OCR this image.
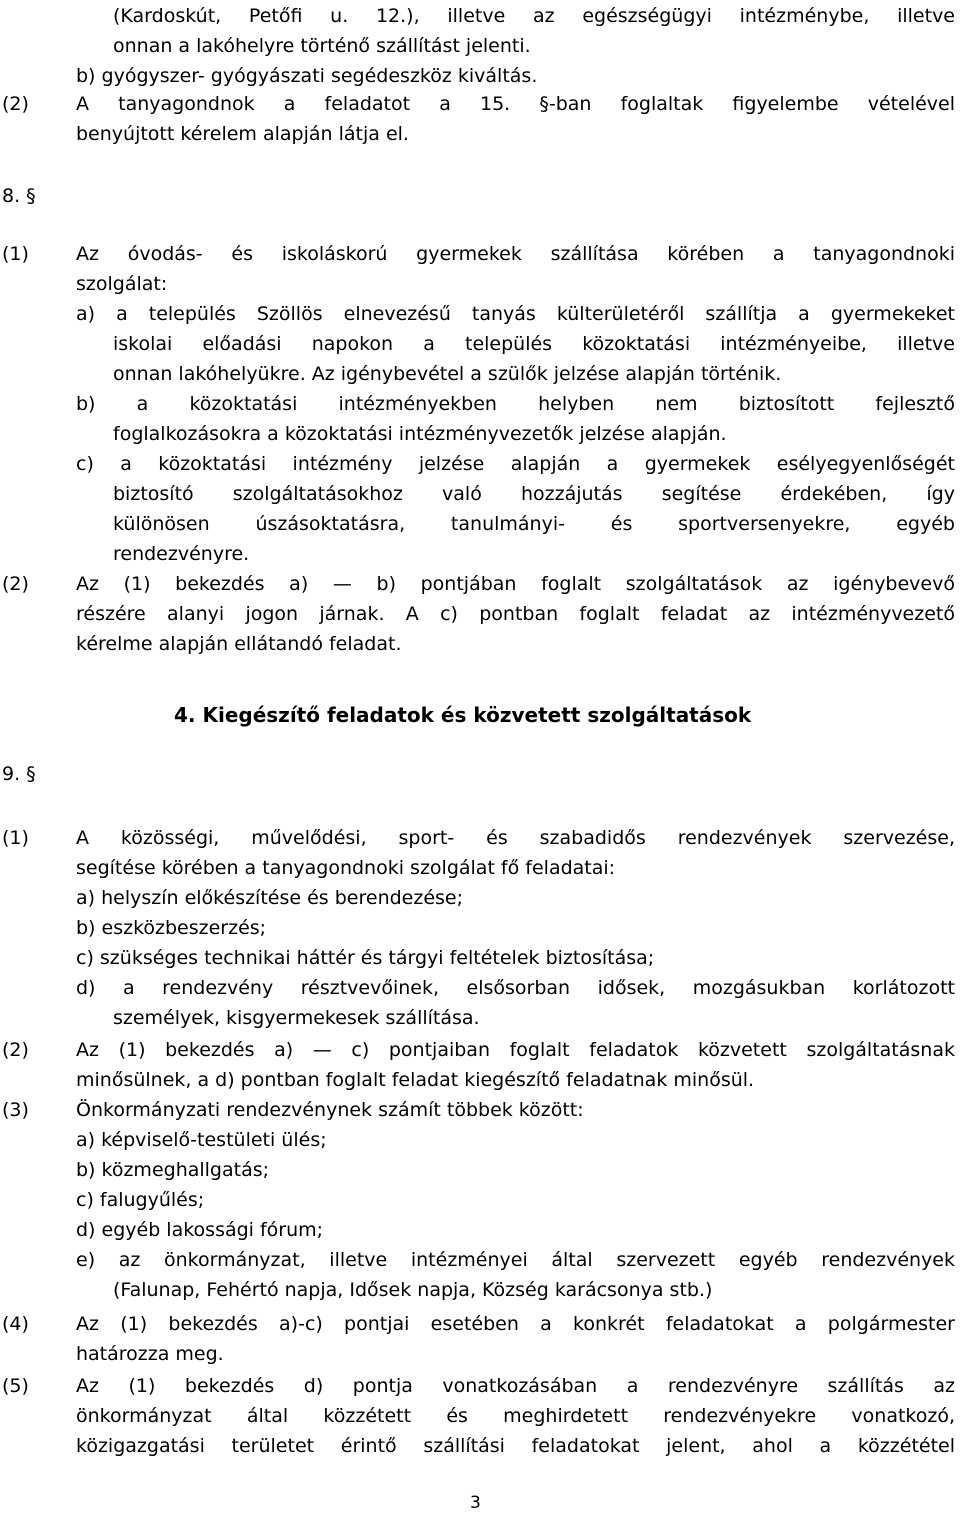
(Kardoskút, Petőfi u. 12.), illetve az egészségügyi intézménybe, illetve
onnan a lakóhelyre történő szállítást jelenti.
b) gyógyszer- gyógyászati segédeszköz kiváltás.
(2) A tanyagondnok a feladatot a 15. §-ban foglaltak figyelembe vételével
benyújtott kérelem alapján látja el.
8. §
(1) Az óvodás- és iskoláskorú gyermekek szállítása körében a tanyagondnoki
szolgálat:
a) a település Szöllös elnevezésű tanyás külterületéről szállítja a gyermekeket
iskolai előadási napokon a település közoktatási intézményeibe, illetve
onnan lakóhelyükre. Az igénybevétel a szülők jelzése alapján történik.
b) a közoktatási intézményekben helyben nem biztosított fejlesztő
foglalkozásokra a közoktatási intézményvezetők jelzése alapján.
c) a közoktatási intézmény jelzése alapján a gyermekek esélyegyenlőségét
biztosító szolgáltatásokhoz való hozzájutás segítése érdekében, így
különösen úszásoktatásra, tanulmányi- és sportversenyekre, egyéb
rendezvényre.
(2) Az (1) bekezdés a) — b) pontjában foglalt szolgáltatások az igénybevevő
részére alanyi jogon járnak. A c) pontban foglalt feladat az intézményvezető
kérelme alapján ellátandó feladat.
4. Kiegészítő feladatok és közvetett szolgáltatások
9. §
(1) A közösségi, művelődési, sport- és szabadidős rendezvények szervezése,
segítése körében a tanyagondnoki szolgálat fő feladatai:
a) helyszín előkészítése és berendezése;
b) eszközbeszerzés;
c) szükséges technikai háttér és tárgyi feltételek biztosítása;
d) a rendezvény résztvevőinek, elsősorban idősek, mozgásukban korlátozott
személyek, kisgyermekesek szállítása.
(2) Az (1) bekezdés a) — c) pontjaiban foglalt feladatok közvetett szolgáltatásnak
minősülnek, a d) pontban foglalt feladat kiegészítő feladatnak minősül.
(3) Önkormányzati rendezvénynek számít többek között:
a) képviselő-testületi ülés;
b) közmeghallgatás;
c) falugyűlés;
d) egyéb lakossági fórum;
e) az önkormányzat, illetve intézményei által szervezett egyéb rendezvények
(Falunap, Fehértó napja, Idősek napja, Község karácsonya stb.)
(4) Az (1) bekezdés a)-c) pontjai esetében a konkrét feladatokat a polgármester
határozza meg.
(5) Az (1) bekezdés d) pontja vonatkozásában a rendezvényre szállítás az
önkormányzat által közzétett és meghirdetett rendezvényekre vonatkozó,
közigazgatási területet érintő szállítási feladatokat jelent, ahol a közzététel
3
